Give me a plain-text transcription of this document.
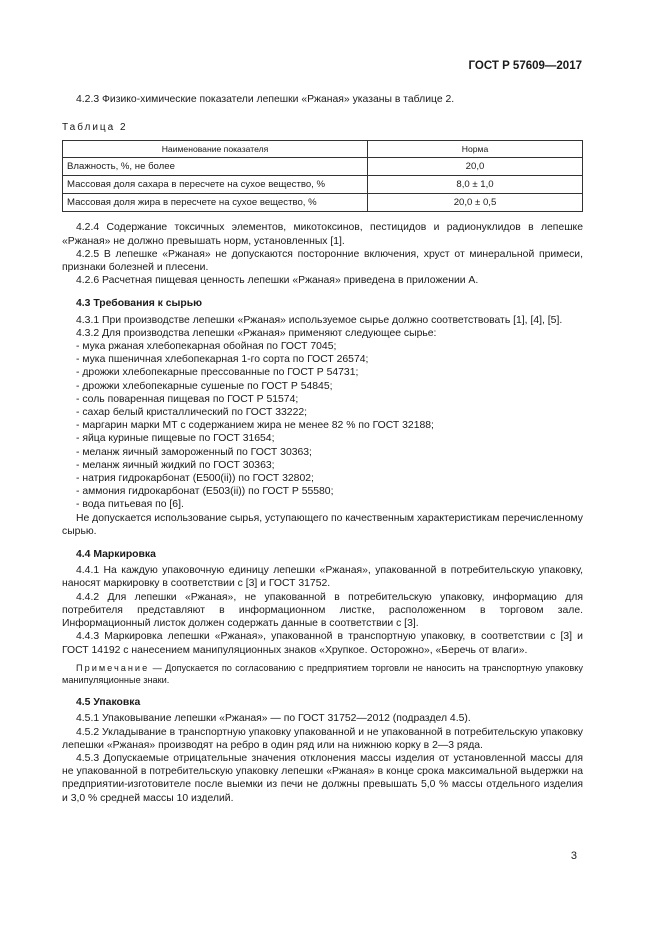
ГОСТ Р 57609—2017

4.2.3 Физико-химические показатели лепешки «Ржаная» указаны в таблице 2.

Таблица 2
Наименование показателя	Норма
Влажность, %, не более	20,0
Массовая доля сахара в пересчете на сухое вещество, %	8,0 ± 1,0
Массовая доля жира в пересчете на сухое вещество, %	20,0 ± 0,5

4.2.4 Содержание токсичных элементов, микотоксинов, пестицидов и радионуклидов в лепешке «Ржаная» не должно превышать норм, установленных [1].

4.2.5 В лепешке «Ржаная» не допускаются посторонние включения, хруст от минеральной примеси, признаки болезней и плесени.

4.2.6 Расчетная пищевая ценность лепешки «Ржаная» приведена в приложении А.

4.3 Требования к сырью

4.3.1 При производстве лепешки «Ржаная» используемое сырье должно соответствовать [1], [4], [5].

4.3.2 Для производства лепешки «Ржаная» применяют следующее сырье:

- мука ржаная хлебопекарная обойная по ГОСТ 7045;
- мука пшеничная хлебопекарная 1-го сорта по ГОСТ 26574;
- дрожжи хлебопекарные прессованные по ГОСТ Р 54731;
- дрожжи хлебопекарные сушеные по ГОСТ Р 54845;
- соль поваренная пищевая по ГОСТ Р 51574;
- сахар белый кристаллический по ГОСТ 33222;
- маргарин марки МТ с содержанием жира не менее 82 % по ГОСТ 32188;
- яйца куриные пищевые по ГОСТ 31654;
- меланж яичный замороженный по ГОСТ 30363;
- меланж яичный жидкий по ГОСТ 30363;
- натрия гидрокарбонат (Е500(ii)) по ГОСТ 32802;
- аммония гидрокарбонат (Е503(ii)) по ГОСТ Р 55580;
- вода питьевая по [6].

Не допускается использование сырья, уступающего по качественным характеристикам перечисленному сырью.

4.4 Маркировка

4.4.1 На каждую упаковочную единицу лепешки «Ржаная», упакованной в потребительскую упаковку, наносят маркировку в соответствии с [3] и ГОСТ 31752.

4.4.2 Для лепешки «Ржаная», не упакованной в потребительскую упаковку, информацию для потребителя представляют в информационном листке, расположенном в торговом зале. Информационный листок должен содержать данные в соответствии с [3].

4.4.3 Маркировка лепешки «Ржаная», упакованной в транспортную упаковку, в соответствии с [3] и ГОСТ 14192 с нанесением манипуляционных знаков «Хрупкое. Осторожно», «Беречь от влаги».

Примечание — Допускается по согласованию с предприятием торговли не наносить на транспортную упаковку манипуляционные знаки.

4.5 Упаковка

4.5.1 Упаковывание лепешки «Ржаная» — по ГОСТ 31752—2012 (подраздел 4.5).

4.5.2 Укладывание в транспортную упаковку упакованной и не упакованной в потребительскую упаковку лепешки «Ржаная» производят на ребро в один ряд или на нижнюю корку в 2—3 ряда.

4.5.3 Допускаемые отрицательные значения отклонения массы изделия от установленной массы для не упакованной в потребительскую упаковку лепешки «Ржаная» в конце срока максимальной выдержки на предприятии-изготовителе после выемки из печи не должны превышать 5,0 % массы отдельного изделия и 3,0 % средней массы 10 изделий.

3
